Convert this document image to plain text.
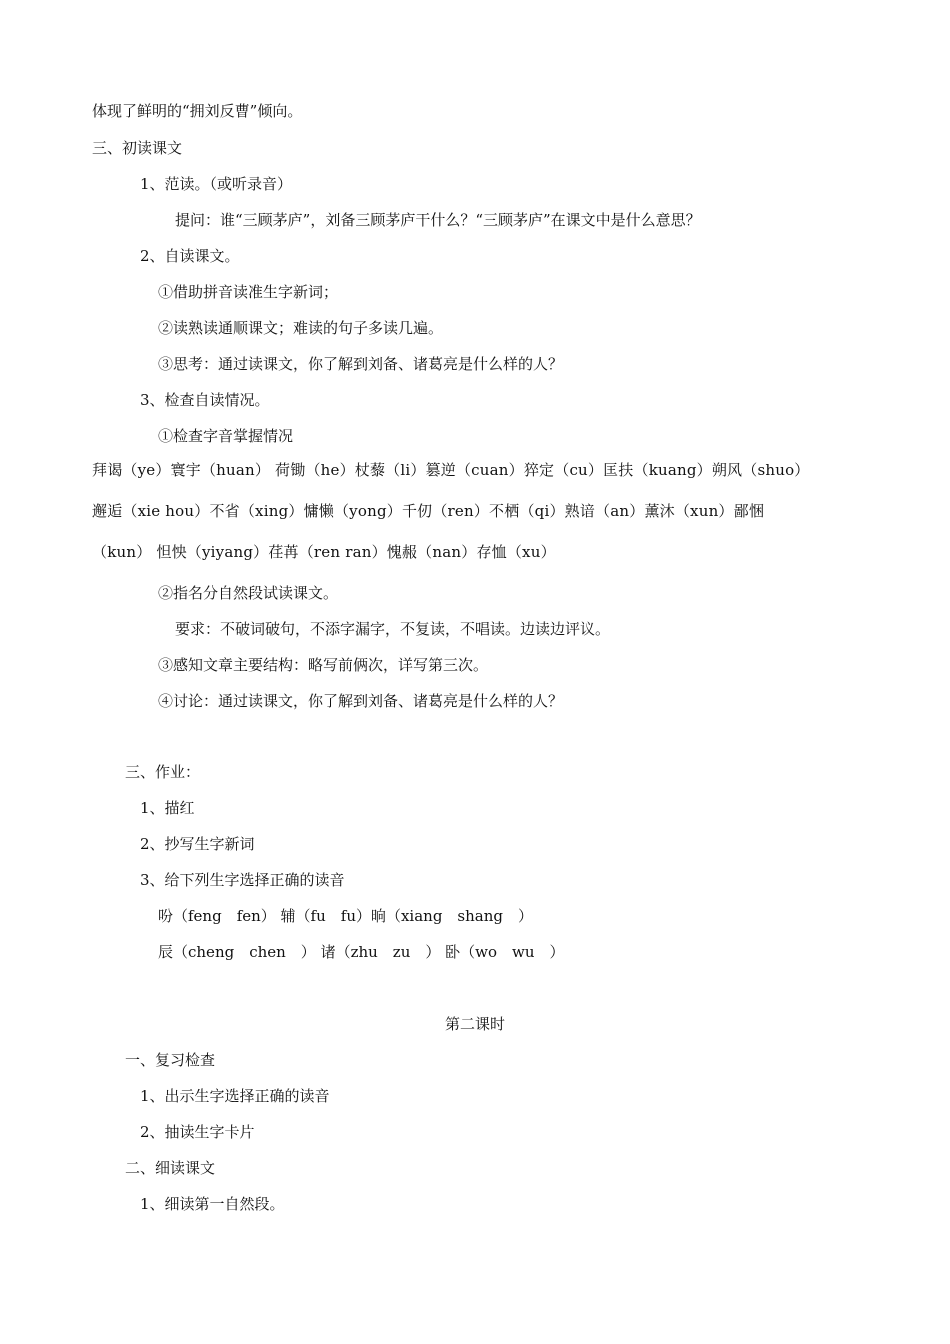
体现了鲜明的“拥刘反曹”倾向。
三、初读课文
1、范读。（或听录音）
提问：谁“三顾茅庐”，刘备三顾茅庐干什么？“三顾茅庐”在课文中是什么意思？
2、自读课文。
①借助拼音读准生字新词；
②读熟读通顺课文；难读的句子多读几遍。
③思考：通过读课文，你了解到刘备、诸葛亮是什么样的人？
3、检查自读情况。
①检查字音掌握情况
拜谒（ye）寰宇（huan） 荷锄（he）杖藜（li）篡逆（cuan）猝定（cu）匡扶（kuang）朔风（shuo）
邂逅（xie hou）不省（xing）慵懒（yong）千仞（ren）不栖（qi）熟谙（an）薰沐（xun）鄙悃
（kun） 怛怏（yiyang）荏苒（ren ran）愧赧（nan）存恤（xu）
②指名分自然段试读课文。
要求：不破词破句，不添字漏字，不复读，不唱读。边读边评议。
③感知文章主要结构：略写前俩次，详写第三次。
④讨论：通过读课文，你了解到刘备、诸葛亮是什么样的人？
三、作业：
1、描红
2、抄写生字新词
3、给下列生字选择正确的读音
吩（feng　fen） 辅（fu　fu）晌（xiang　shang　）
辰（cheng　chen　） 诸（zhu　zu　） 卧（wo　wu　）
第二课时
一、复习检查
1、出示生字选择正确的读音
2、抽读生字卡片
二、细读课文
1、细读第一自然段。
